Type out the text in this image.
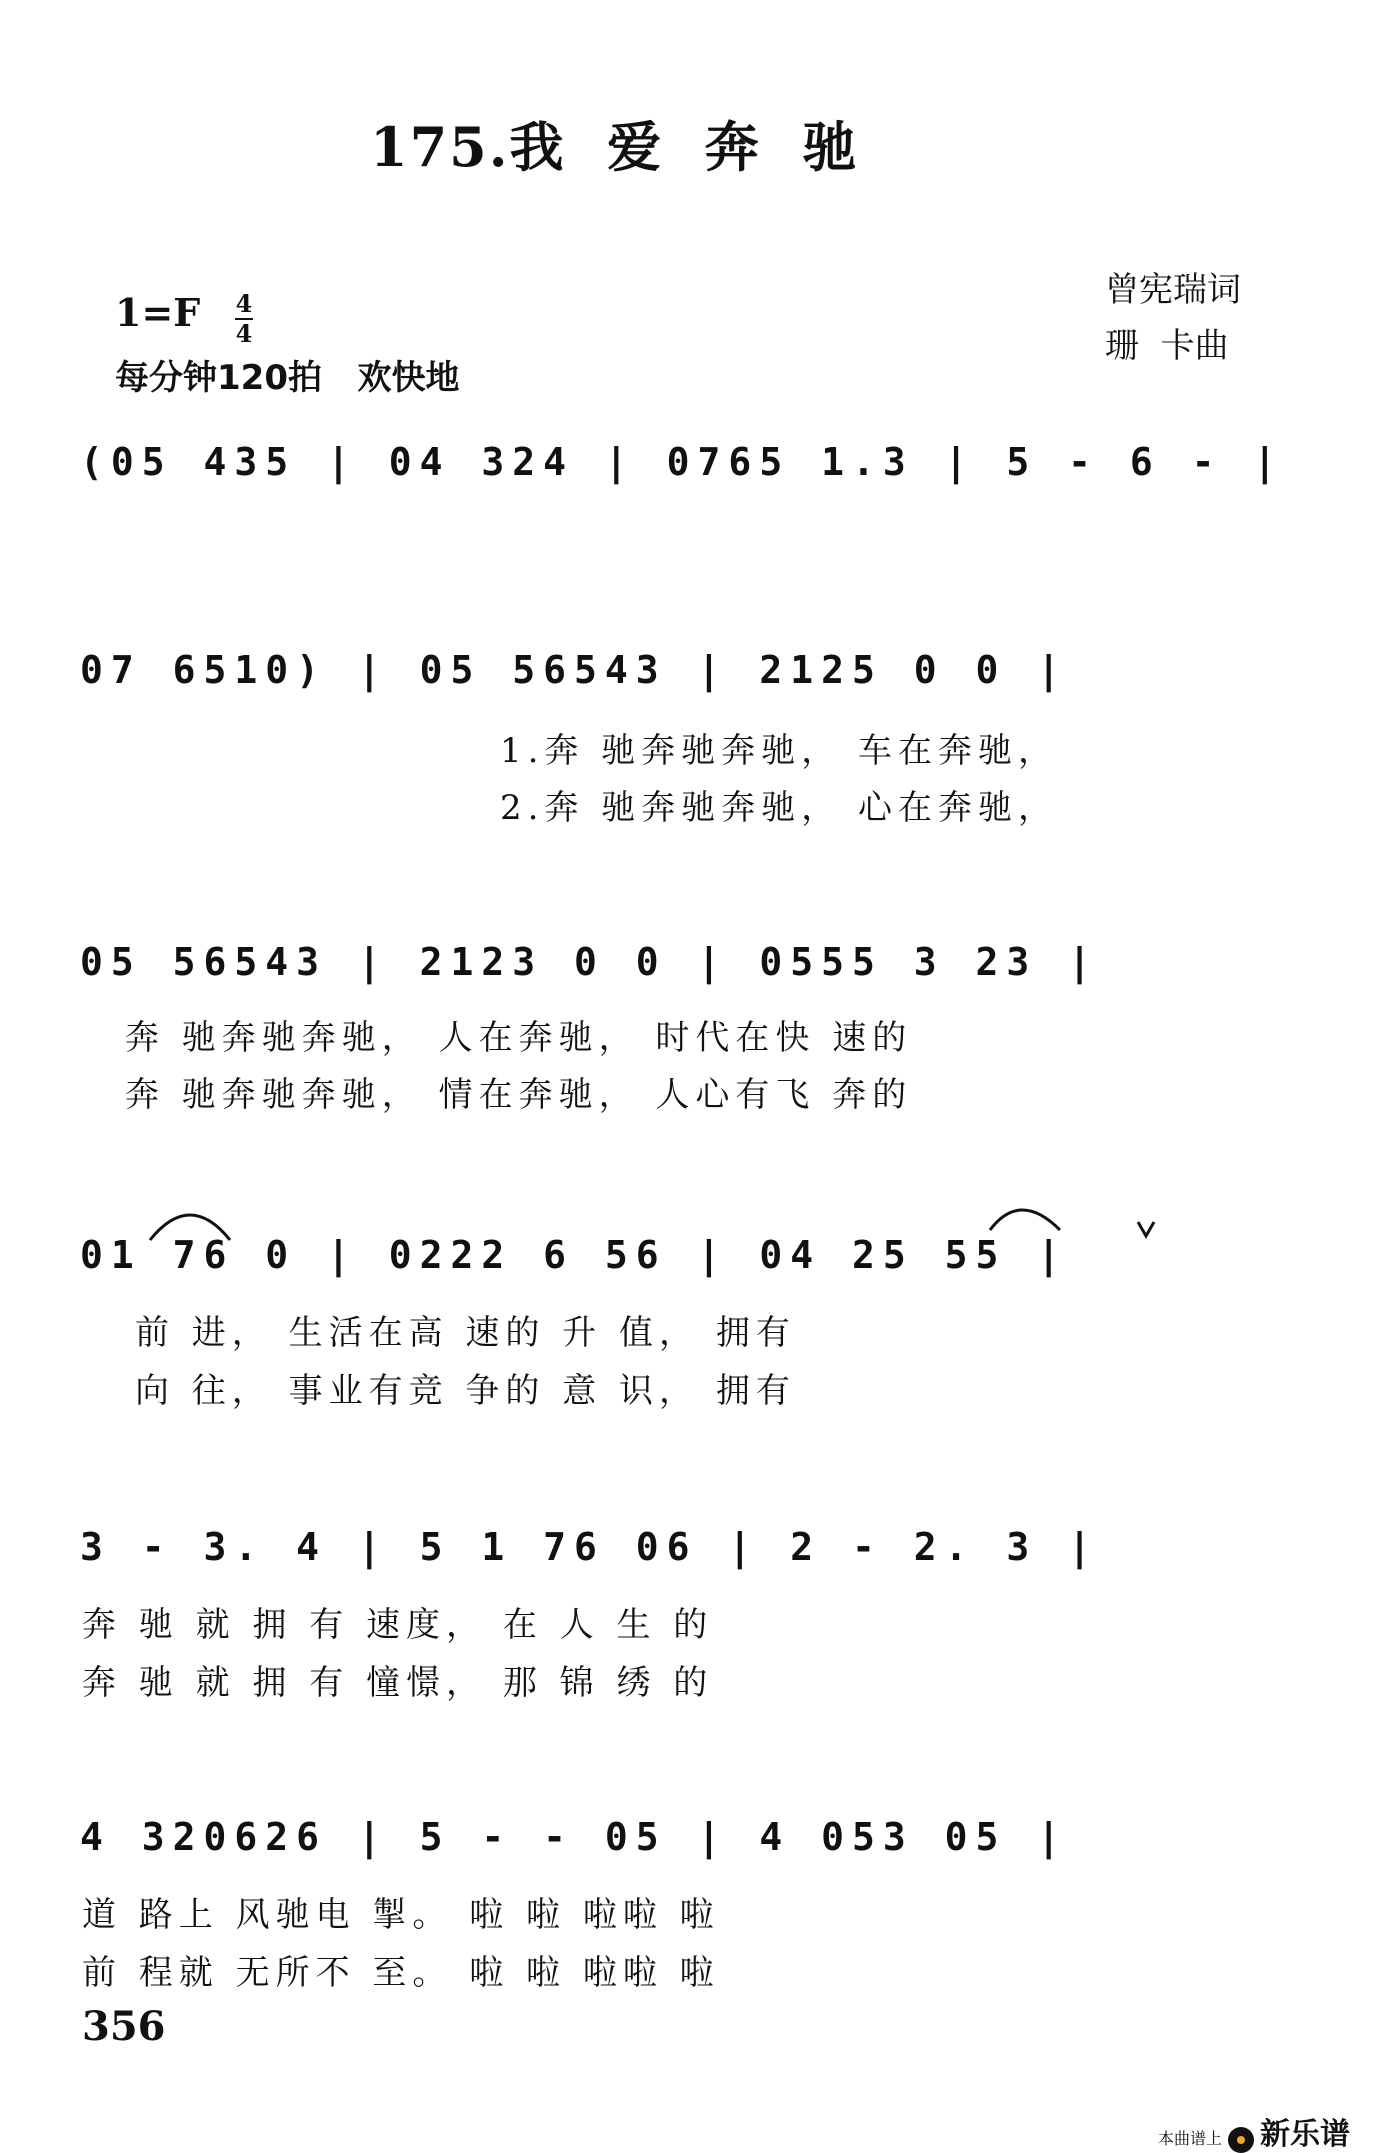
175.我  爱  奔  驰
曾宪瑞词
珊  卡曲
1=F 4
4
每分钟120拍   欢快地
(05 435 | 04 324 | 0765 1.3 | 5 - 6 - |
07 6510) | 05 56543 | 2125 0 0 |
1.奔 驰奔驰奔驰， 车在奔驰，
2.奔 驰奔驰奔驰， 心在奔驰，
05 56543 | 2123 0 0 | 0555 3 23 |
奔 驰奔驰奔驰， 人在奔驰， 时代在快 速的
奔 驰奔驰奔驰， 情在奔驰， 人心有飞 奔的
01 76 0 | 0222 6 56 | 04 25 55 |
前 进， 生活在高 速的 升 值， 拥有
向 往， 事业有竞 争的 意 识， 拥有
3 - 3. 4 | 5 1 76 06 | 2 - 2. 3 |
奔 驰 就 拥 有 速度， 在 人 生 的
奔 驰 就 拥 有 憧憬， 那 锦 绣 的
4 320626 | 5 - - 05 | 4 053 05 |
道 路上 风驰电 掣。 啦 啦 啦啦 啦
前 程就 无所不 至。 啦 啦 啦啦 啦
356

本曲谱上 新乐谱
